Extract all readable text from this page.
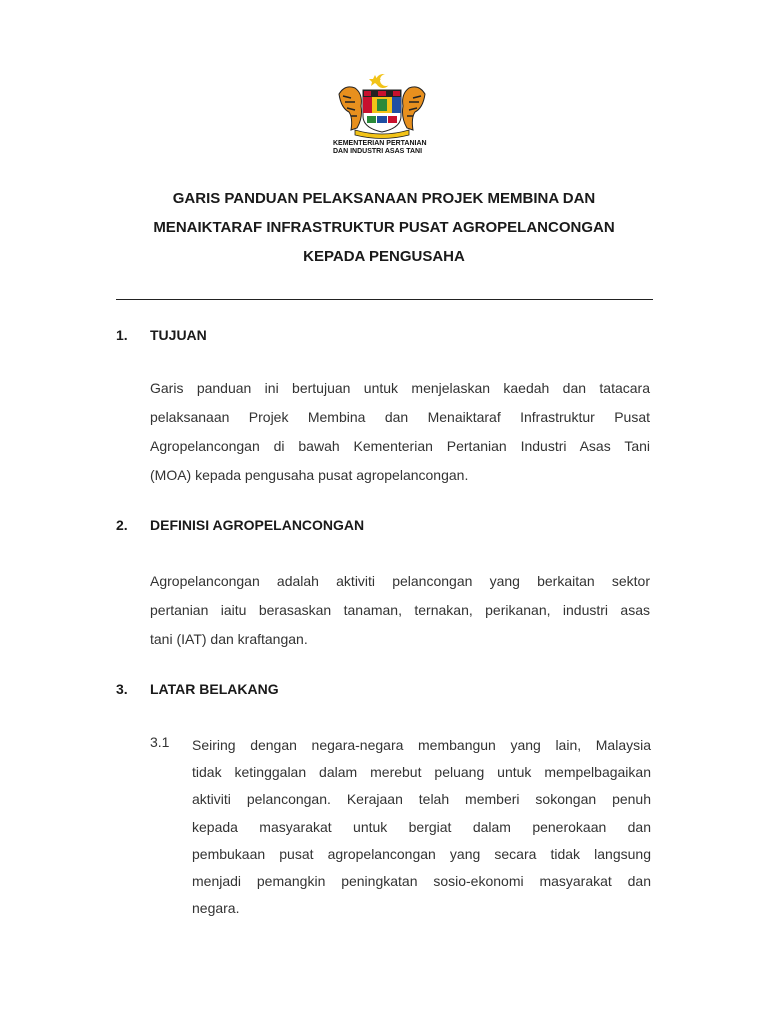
KEMENTERIAN PERTANIAN
DAN INDUSTRI ASAS TANI
GARIS PANDUAN PELAKSANAAN PROJEK MEMBINA DAN
MENAIKTARAF INFRASTRUKTUR PUSAT AGROPELANCONGAN
KEPADA PENGUSAHA
1. TUJUAN
Garis panduan ini bertujuan untuk menjelaskan kaedah dan tatacara
pelaksanaan Projek Membina dan Menaiktaraf Infrastruktur Pusat
Agropelancongan di bawah Kementerian Pertanian Industri Asas Tani
(MOA) kepada pengusaha pusat agropelancongan.
2. DEFINISI AGROPELANCONGAN
Agropelancongan adalah aktiviti pelancongan yang berkaitan sektor
pertanian iaitu berasaskan tanaman, ternakan, perikanan, industri asas
tani (IAT) dan kraftangan.
3. LATAR BELAKANG
3.1 Seiring dengan negara-negara membangun yang lain, Malaysia
tidak ketinggalan dalam merebut peluang untuk mempelbagaikan
aktiviti pelancongan. Kerajaan telah memberi sokongan penuh
kepada masyarakat untuk bergiat dalam penerokaan dan
pembukaan pusat agropelancongan yang secara tidak langsung
menjadi pemangkin peningkatan sosio-ekonomi masyarakat dan
negara.
